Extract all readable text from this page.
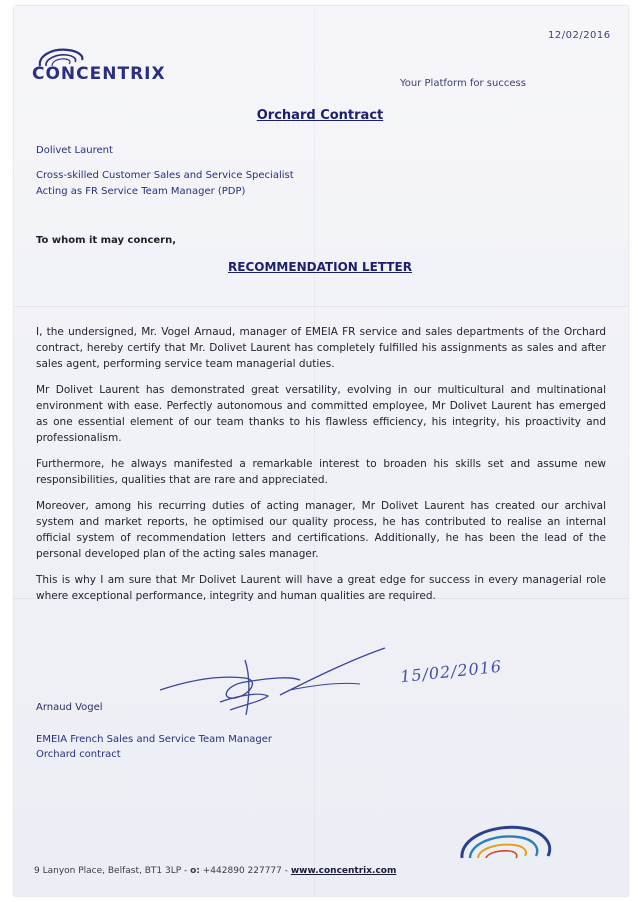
12/02/2016
CONCENTRIX	Your Platform for success
Orchard Contract
Dolivet Laurent
Cross-skilled Customer Sales and Service Specialist
Acting as FR Service Team Manager (PDP)
To whom it may concern,
RECOMMENDATION LETTER

I, the undersigned, Mr. Vogel Arnaud, manager of EMEIA FR service and sales departments of the Orchard contract, hereby certify that Mr. Dolivet Laurent has completely fulfilled his assignments as sales and after sales agent, performing service team managerial duties.

Mr Dolivet Laurent has demonstrated great versatility, evolving in our multicultural and multinational environment with ease. Perfectly autonomous and committed employee, Mr Dolivet Laurent has emerged as one essential element of our team thanks to his flawless efficiency, his integrity, his proactivity and professionalism.

Furthermore, he always manifested a remarkable interest to broaden his skills set and assume new responsibilities, qualities that are rare and appreciated.

Moreover, among his recurring duties of acting manager, Mr Dolivet Laurent has created our archival system and market reports, he optimised our quality process, he has contributed to realise an internal official system of recommendation letters and certifications. Additionally, he has been the lead of the personal developed plan of the acting sales manager.

This is why I am sure that Mr Dolivet Laurent will have a great edge for success in every managerial role where exceptional performance, integrity and human qualities are required.

15/02/2016
Arnaud Vogel
EMEIA French Sales and Service Team Manager
Orchard contract
9 Lanyon Place, Belfast, BT1 3LP - o: +442890 227777 - www.concentrix.com
